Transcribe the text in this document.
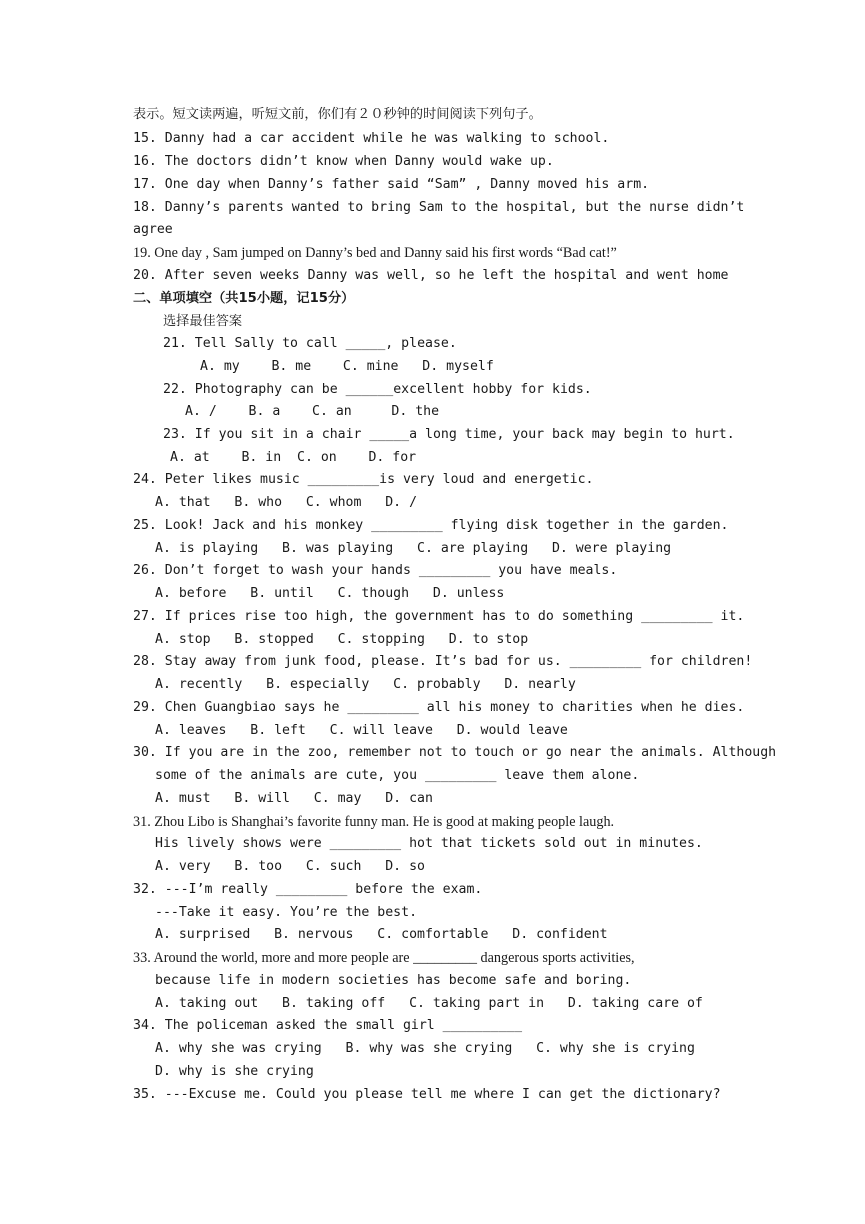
表示。短文读两遍，听短文前，你们有２０秒钟的时间阅读下列句子。
15. Danny had a car accident while he was walking to school.
16. The doctors didn’t know when Danny would wake up.
17. One day when Danny’s father said “Sam” , Danny moved his arm.
18. Danny’s parents wanted to bring Sam to the hospital, but the nurse didn’t
agree
19. One day , Sam jumped on Danny’s bed and Danny said his first words “Bad cat!”
20. After seven weeks Danny was well, so he left the hospital and went home
二、单项填空（共15小题，记15分）
选择最佳答案
21. Tell Sally to call _____, please.
A. my    B. me    C. mine   D. myself
22. Photography can be ______excellent hobby for kids.
A. /    B. a    C. an     D. the
23. If you sit in a chair _____a long time, your back may begin to hurt.
A. at    B. in  C. on    D. for
24. Peter likes music _________is very loud and energetic.
A. that   B. who   C. whom   D. /
25. Look! Jack and his monkey _________ flying disk together in the garden.
A. is playing   B. was playing   C. are playing   D. were playing
26. Don’t forget to wash your hands _________ you have meals.
A. before   B. until   C. though   D. unless
27. If prices rise too high, the government has to do something _________ it.
A. stop   B. stopped   C. stopping   D. to stop
28. Stay away from junk food, please. It’s bad for us. _________ for children!
A. recently   B. especially   C. probably   D. nearly
29. Chen Guangbiao says he _________ all his money to charities when he dies.
A. leaves   B. left   C. will leave   D. would leave
30. If you are in the zoo, remember not to touch or go near the animals. Although
some of the animals are cute, you _________ leave them alone.
A. must   B. will   C. may   D. can
31. Zhou Libo is Shanghai’s favorite funny man. He is good at making people laugh.
His lively shows were _________ hot that tickets sold out in minutes.
A. very   B. too   C. such   D. so
32. ---I’m really _________ before the exam.
---Take it easy. You’re the best.
A. surprised   B. nervous   C. comfortable   D. confident
33. Around the world, more and more people are _________ dangerous sports activities,
because life in modern societies has become safe and boring.
A. taking out   B. taking off   C. taking part in   D. taking care of
34. The policeman asked the small girl __________
A. why she was crying   B. why was she crying   C. why she is crying
D. why is she crying
35. ---Excuse me. Could you please tell me where I can get the dictionary?
